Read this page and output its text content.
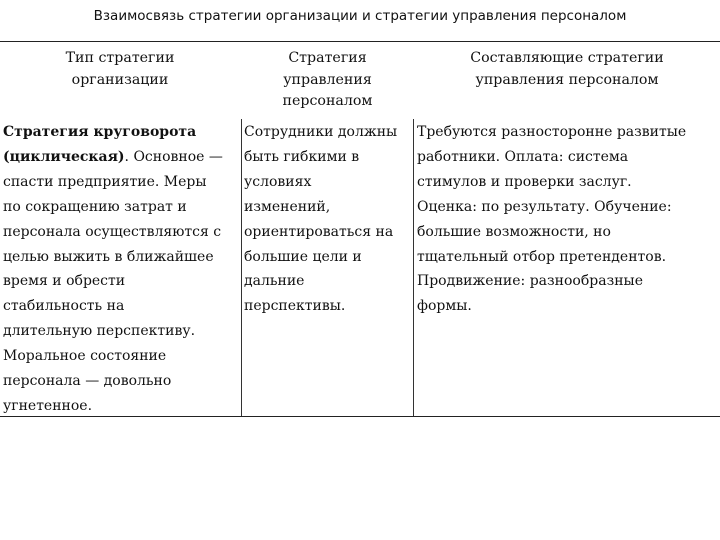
Взаимосвязь стратегии организации и стратегии управления персоналом
Тип стратегии
организации
Стратегия
управления
персоналом
Составляющие стратегии
управления персоналом
Стратегия круговорота
(циклическая). Основное —
спасти предприятие. Меры
по сокращению затрат и
персонала осуществляются с
целью выжить в ближайшее
время и обрести
стабильность на
длительную перспективу.
Моральное состояние
персонала — довольно
угнетенное.
Сотрудники должны
быть гибкими в
условиях
изменений,
ориентироваться на
большие цели и
дальние
перспективы.
Требуются разносторонне развитые
работники. Оплата: система
стимулов и проверки заслуг.
Оценка: по результату. Обучение:
большие возможности, но
тщательный отбор претендентов.
Продвижение: разнообразные
формы.
